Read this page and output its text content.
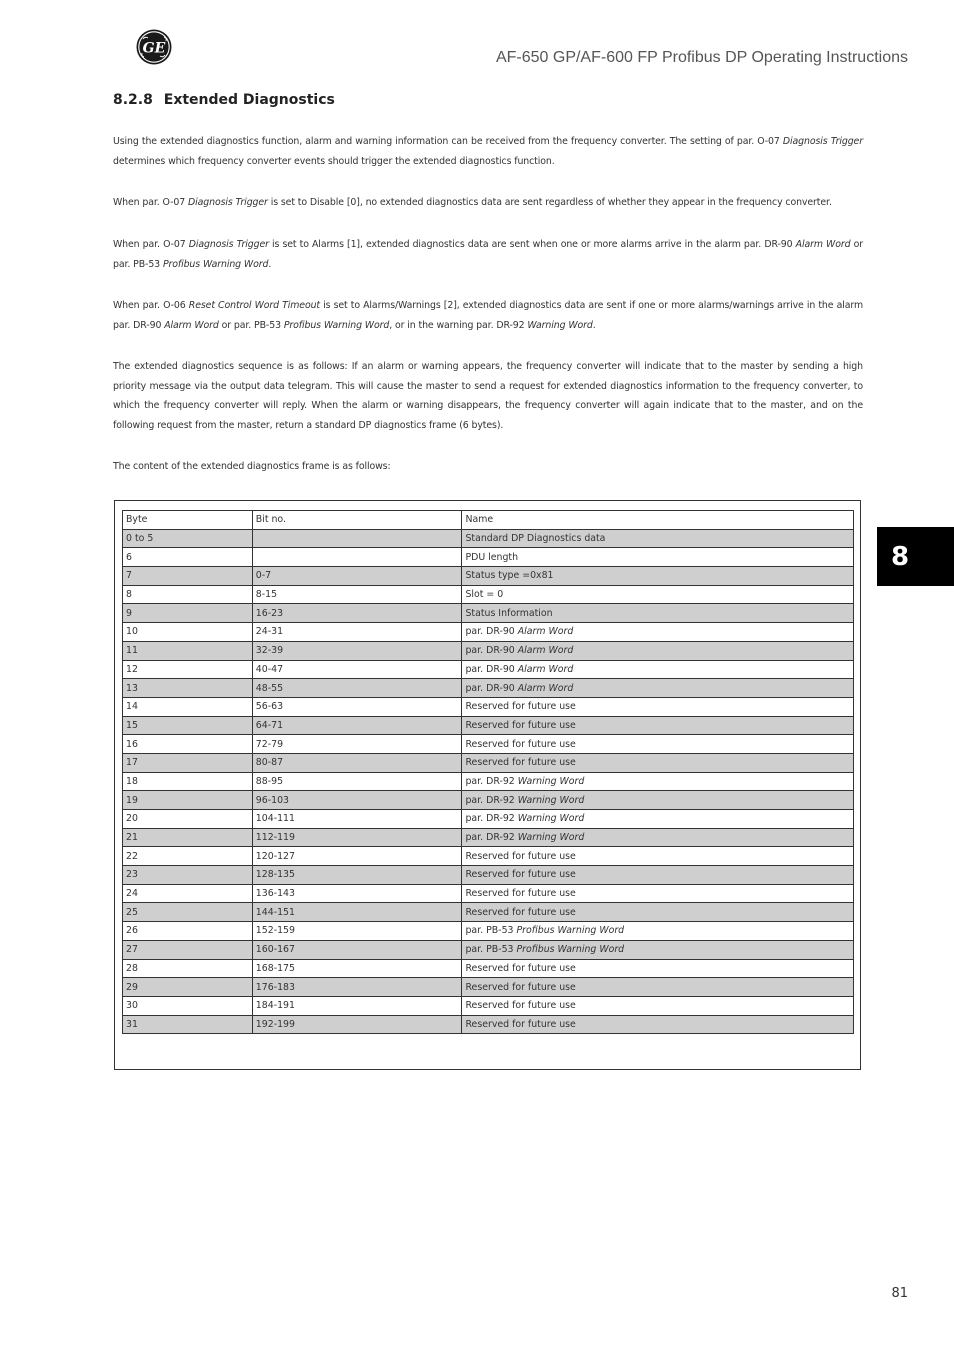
GE
AF-650 GP/AF-600 FP Profibus DP Operating Instructions
8.2.8 Extended Diagnostics
Using the extended diagnostics function, alarm and warning information can be received from the frequency converter. The setting of par. O-07 Diagnosis Trigger determines which frequency converter events should trigger the extended diagnostics function.
When par. O-07 Diagnosis Trigger is set to Disable [0], no extended diagnostics data are sent regardless of whether they appear in the frequency converter.
When par. O-07 Diagnosis Trigger is set to Alarms [1], extended diagnostics data are sent when one or more alarms arrive in the alarm par. DR-90 Alarm Word or par. PB-53 Profibus Warning Word.
When par. O-06 Reset Control Word Timeout is set to Alarms/Warnings [2], extended diagnostics data are sent if one or more alarms/warnings arrive in the alarm par. DR-90 Alarm Word or par. PB-53 Profibus Warning Word, or in the warning par. DR-92 Warning Word.
The extended diagnostics sequence is as follows: If an alarm or warning appears, the frequency converter will indicate that to the master by sending a high priority message via the output data telegram. This will cause the master to send a request for extended diagnostics information to the frequency converter, to which the frequency converter will reply. When the alarm or warning disappears, the frequency converter will again indicate that to the master, and on the following request from the master, return a standard DP diagnostics frame (6 bytes).
The content of the extended diagnostics frame is as follows:
Byte	Bit no.	Name
0 to 5		Standard DP Diagnostics data
6		PDU length
7	0-7	Status type =0x81
8	8-15	Slot = 0
9	16-23	Status Information
10	24-31	par. DR-90 Alarm Word
11	32-39	par. DR-90 Alarm Word
12	40-47	par. DR-90 Alarm Word
13	48-55	par. DR-90 Alarm Word
14	56-63	Reserved for future use
15	64-71	Reserved for future use
16	72-79	Reserved for future use
17	80-87	Reserved for future use
18	88-95	par. DR-92 Warning Word
19	96-103	par. DR-92 Warning Word
20	104-111	par. DR-92 Warning Word
21	112-119	par. DR-92 Warning Word
22	120-127	Reserved for future use
23	128-135	Reserved for future use
24	136-143	Reserved for future use
25	144-151	Reserved for future use
26	152-159	par. PB-53 Profibus Warning Word
27	160-167	par. PB-53 Profibus Warning Word
28	168-175	Reserved for future use
29	176-183	Reserved for future use
30	184-191	Reserved for future use
31	192-199	Reserved for future use
8
81
